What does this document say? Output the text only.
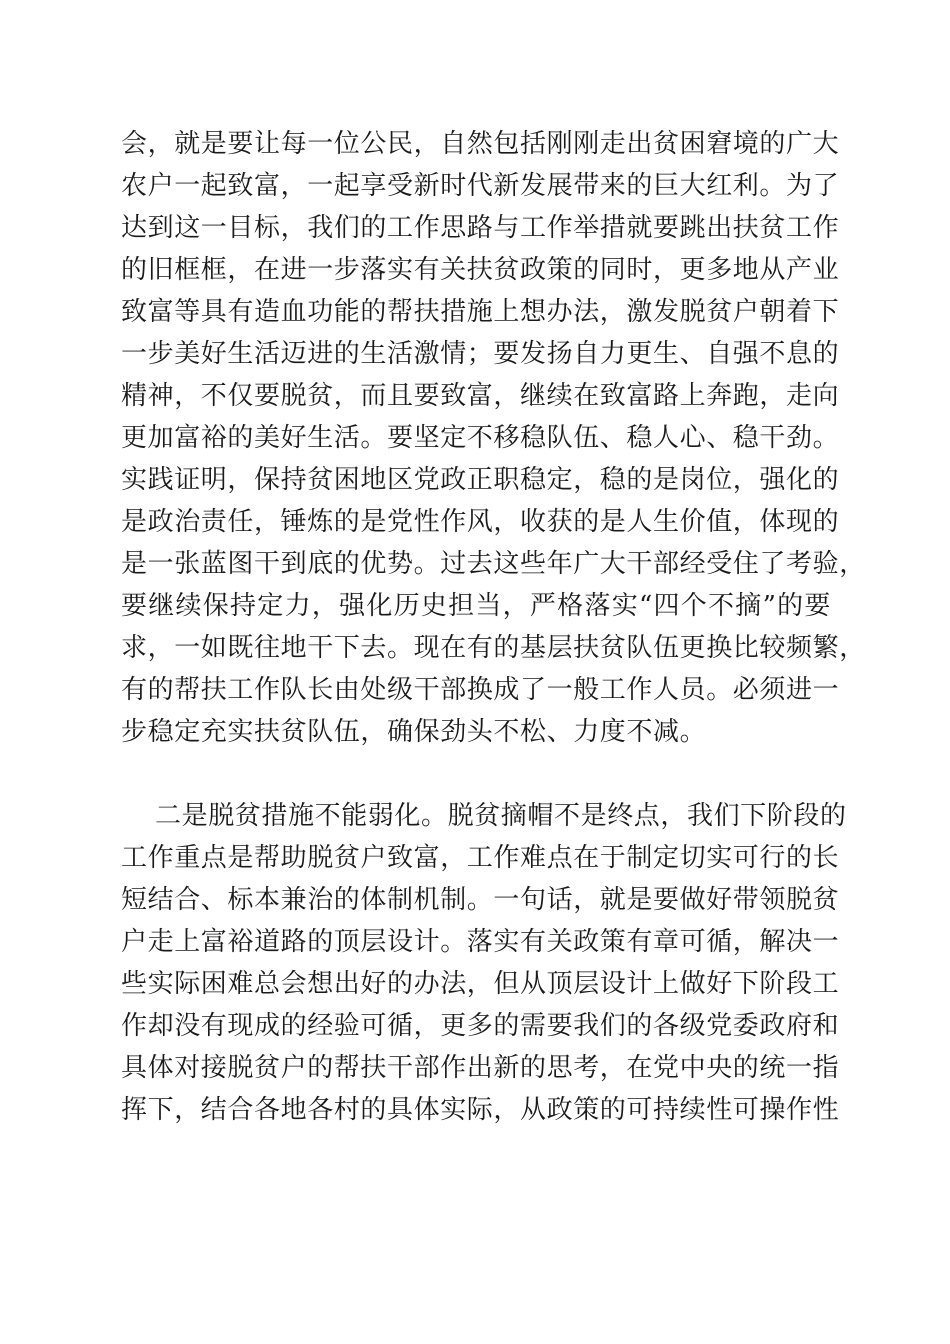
会，就是要让每一位公民，自然包括刚刚走出贫困窘境的广大
农户一起致富，一起享受新时代新发展带来的巨大红利。为了
达到这一目标，我们的工作思路与工作举措就要跳出扶贫工作
的旧框框，在进一步落实有关扶贫政策的同时，更多地从产业
致富等具有造血功能的帮扶措施上想办法，激发脱贫户朝着下
一步美好生活迈进的生活激情；要发扬自力更生、自强不息的
精神，不仅要脱贫，而且要致富，继续在致富路上奔跑，走向
更加富裕的美好生活。要坚定不移稳队伍、稳人心、稳干劲。
实践证明，保持贫困地区党政正职稳定，稳的是岗位，强化的
是政治责任，锤炼的是党性作风，收获的是人生价值，体现的
是一张蓝图干到底的优势。过去这些年广大干部经受住了考验，
要继续保持定力，强化历史担当，严格落实“四个不摘”的要
求，一如既往地干下去。现在有的基层扶贫队伍更换比较频繁，
有的帮扶工作队长由处级干部换成了一般工作人员。必须进一
步稳定充实扶贫队伍，确保劲头不松、力度不减。
二是脱贫措施不能弱化。脱贫摘帽不是终点，我们下阶段的
工作重点是帮助脱贫户致富，工作难点在于制定切实可行的长
短结合、标本兼治的体制机制。一句话，就是要做好带领脱贫
户走上富裕道路的顶层设计。落实有关政策有章可循，解决一
些实际困难总会想出好的办法，但从顶层设计上做好下阶段工
作却没有现成的经验可循，更多的需要我们的各级党委政府和
具体对接脱贫户的帮扶干部作出新的思考，在党中央的统一指
挥下，结合各地各村的具体实际，从政策的可持续性可操作性
